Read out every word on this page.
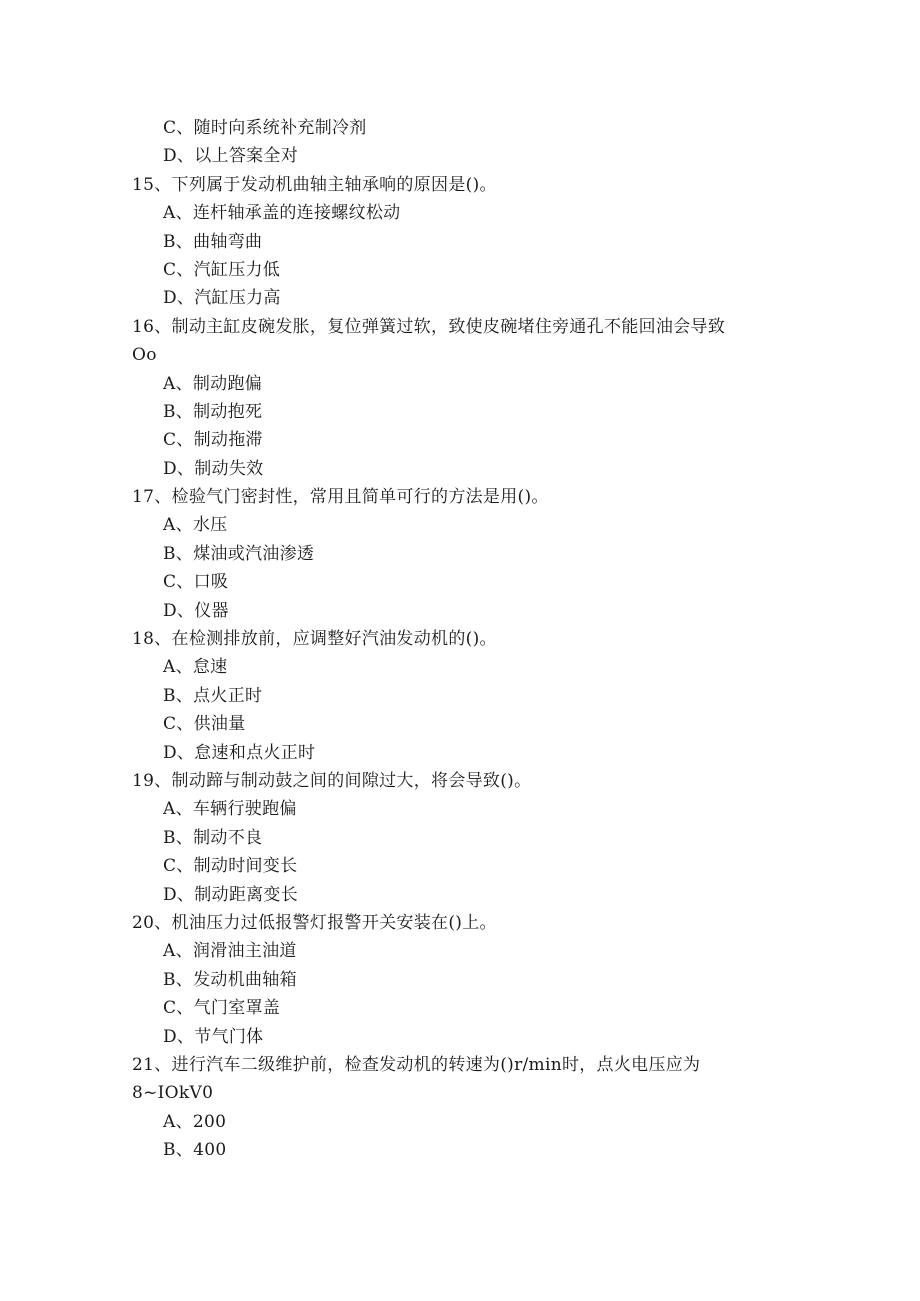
C、随时向系统补充制冷剂
D、以上答案全对
15、下列属于发动机曲轴主轴承响的原因是()。
A、连杆轴承盖的连接螺纹松动
B、曲轴弯曲
C、汽缸压力低
D、汽缸压力高
16、制动主缸皮碗发胀，复位弹簧过软，致使皮碗堵住旁通孔不能回油会导致
Oo
A、制动跑偏
B、制动抱死
C、制动拖滞
D、制动失效
17、检验气门密封性，常用且简单可行的方法是用()。
A、水压
B、煤油或汽油渗透
C、口吸
D、仪器
18、在检测排放前，应调整好汽油发动机的()。
A、怠速
B、点火正时
C、供油量
D、怠速和点火正时
19、制动蹄与制动鼓之间的间隙过大，将会导致()。
A、车辆行驶跑偏
B、制动不良
C、制动时间变长
D、制动距离变长
20、机油压力过低报警灯报警开关安装在()上。
A、润滑油主油道
B、发动机曲轴箱
C、气门室罩盖
D、节气门体
21、进行汽车二级维护前，检查发动机的转速为()r/min时，点火电压应为
8~IOkV0
A、200
B、400
